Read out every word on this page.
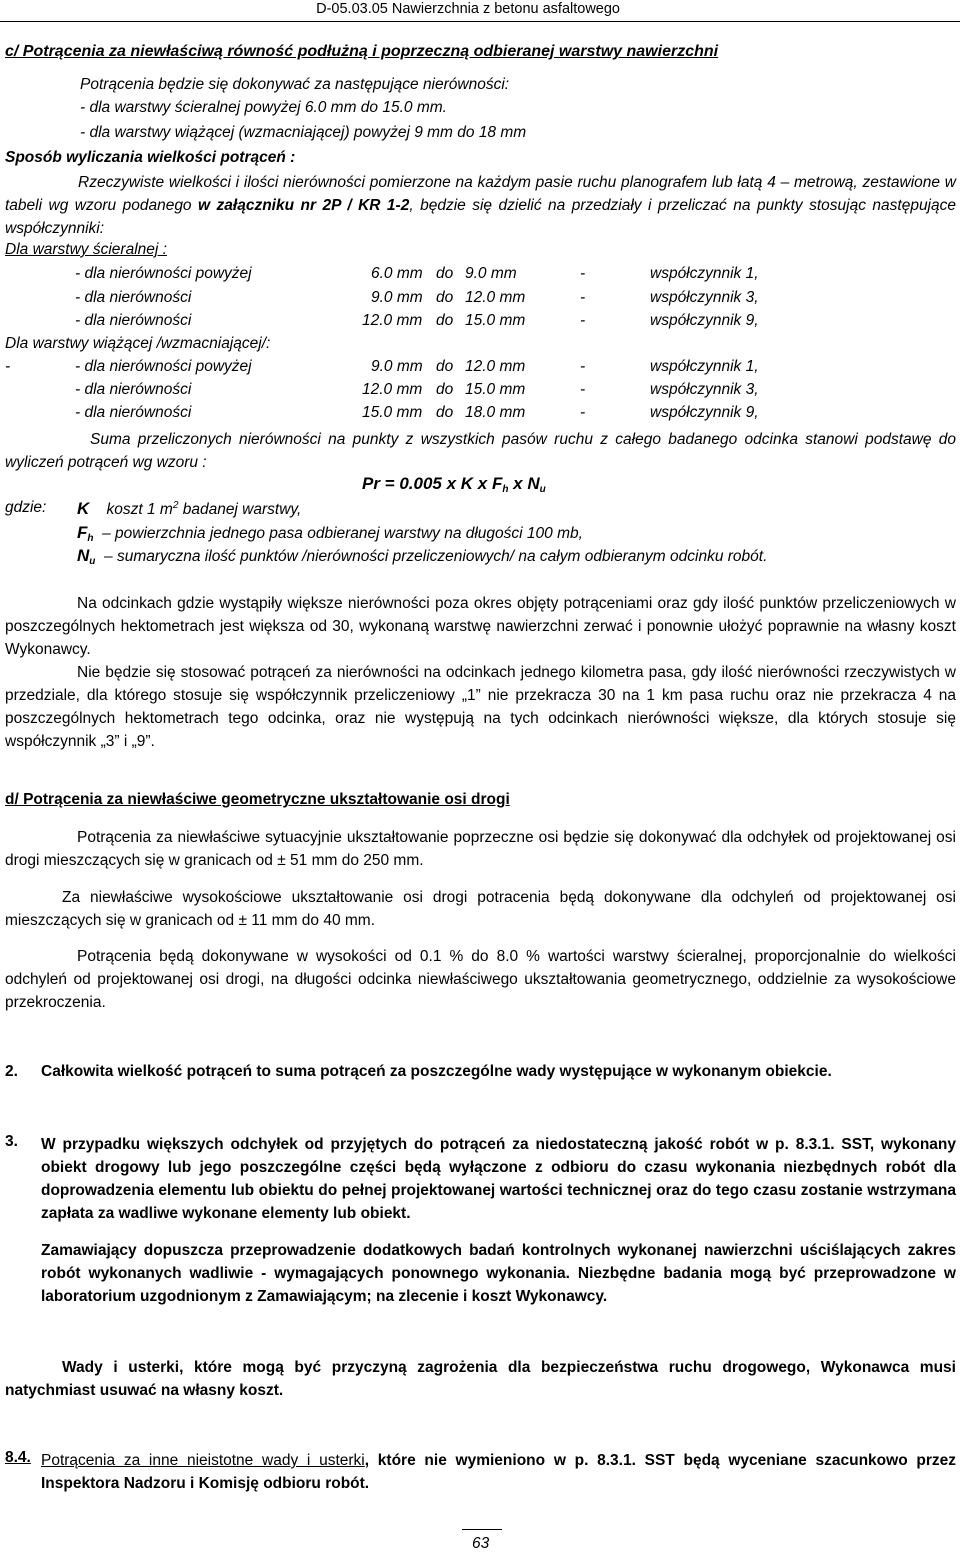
D-05.03.05 Nawierzchnia z betonu asfaltowego
c/ Potrącenia za niewłaściwą równość podłużną i poprzeczną odbieranej warstwy nawierzchni
Potrącenia będzie się dokonywać za następujące nierówności:
- dla warstwy ścieralnej powyżej 6.0 mm do 15.0 mm.
- dla warstwy wiążącej (wzmacniającej) powyżej 9 mm do 18 mm
Sposób wyliczania wielkości potrąceń :
Rzeczywiste wielkości i ilości nierówności pomierzone na każdym pasie ruchu planografem lub łatą 4 – metrową, zestawione w tabeli wg wzoru podanego w załączniku nr 2P / KR 1-2, będzie się dzielić na przedziały i przeliczać na punkty stosując następujące współczynniki:
Dla warstwy ścieralnej :
- dla nierówności powyżej	6.0 mm do 9.0 mm	-	współczynnik 1,
- dla nierówności	9.0 mm do 12.0 mm	-	współczynnik 3,
- dla nierówności	12.0 mm do 15.0 mm	-	współczynnik 9,
Dla warstwy wiążącej /wzmacniającej/:
-	- dla nierówności powyżej	9.0 mm do 12.0 mm	-	współczynnik 1,
- dla nierówności	12.0 mm do 15.0 mm	-	współczynnik 3,
- dla nierówności	15.0 mm do 18.0 mm	-	współczynnik 9,
Suma przeliczonych nierówności na punkty z wszystkich pasów ruchu z całego badanego odcinka stanowi podstawę do wyliczeń potrąceń wg wzoru :
Pr = 0.005 x K x $F_h$ x $N_u$
gdzie: K koszt 1 $m^2$ badanej warstwy,
$F_h$ – powierzchnia jednego pasa odbieranej warstwy na długości 100 mb,
$N_u$ – sumaryczna ilość punktów /nierówności przeliczeniowych/ na całym odbieranym odcinku robót.
Na odcinkach gdzie wystąpiły większe nierówności poza okres objęty potrąceniami oraz gdy ilość punktów przeliczeniowych w poszczególnych hektometrach jest większa od 30, wykonaną warstwę nawierzchni zerwać i ponownie ułożyć poprawnie na własny koszt Wykonawcy.
Nie będzie się stosować potrąceń za nierówności na odcinkach jednego kilometra pasa, gdy ilość nierówności rzeczywistych w przedziale, dla którego stosuje się współczynnik przeliczeniowy „1” nie przekracza 30 na 1 km pasa ruchu oraz nie przekracza 4 na poszczególnych hektometrach tego odcinka, oraz nie występują na tych odcinkach nierówności większe, dla których stosuje się współczynnik „3” i „9”.
d/ Potrącenia za niewłaściwe geometryczne ukształtowanie osi drogi
Potrącenia za niewłaściwe sytuacyjnie ukształtowanie poprzeczne osi będzie się dokonywać dla odchyłek od projektowanej osi drogi mieszczących się w granicach od ± 51 mm do 250 mm.
Za niewłaściwe wysokościowe ukształtowanie osi drogi potracenia będą dokonywane dla odchyleń od projektowanej osi mieszczących się w granicach od ± 11 mm do 40 mm.
Potrącenia będą dokonywane w wysokości od 0.1 % do 8.0 % wartości warstwy ścieralnej, proporcjonalnie do wielkości odchyleń od projektowanej osi drogi, na długości odcinka niewłaściwego ukształtowania geometrycznego, oddzielnie za wysokościowe przekroczenia.
2. Całkowita wielkość potrąceń to suma potrąceń za poszczególne wady występujące w wykonanym obiekcie.
3. W przypadku większych odchyłek od przyjętych do potrąceń za niedostateczną jakość robót w p. 8.3.1. SST, wykonany obiekt drogowy lub jego poszczególne części będą wyłączone z odbioru do czasu wykonania niezbędnych robót dla doprowadzenia elementu lub obiektu do pełnej projektowanej wartości technicznej oraz do tego czasu zostanie wstrzymana zapłata za wadliwe wykonane elementy lub obiekt.
Zamawiający dopuszcza przeprowadzenie dodatkowych badań kontrolnych wykonanej nawierzchni uściślających zakres robót wykonanych wadliwie - wymagających ponownego wykonania. Niezbędne badania mogą być przeprowadzone w laboratorium uzgodnionym z Zamawiającym; na zlecenie i koszt Wykonawcy.
Wady i usterki, które mogą być przyczyną zagrożenia dla bezpieczeństwa ruchu drogowego, Wykonawca musi natychmiast usuwać na własny koszt.
8.4. Potrącenia za inne nieistotne wady i usterki, które nie wymieniono w p. 8.3.1. SST będą wyceniane szacunkowo przez Inspektora Nadzoru i Komisję odbioru robót.
63
